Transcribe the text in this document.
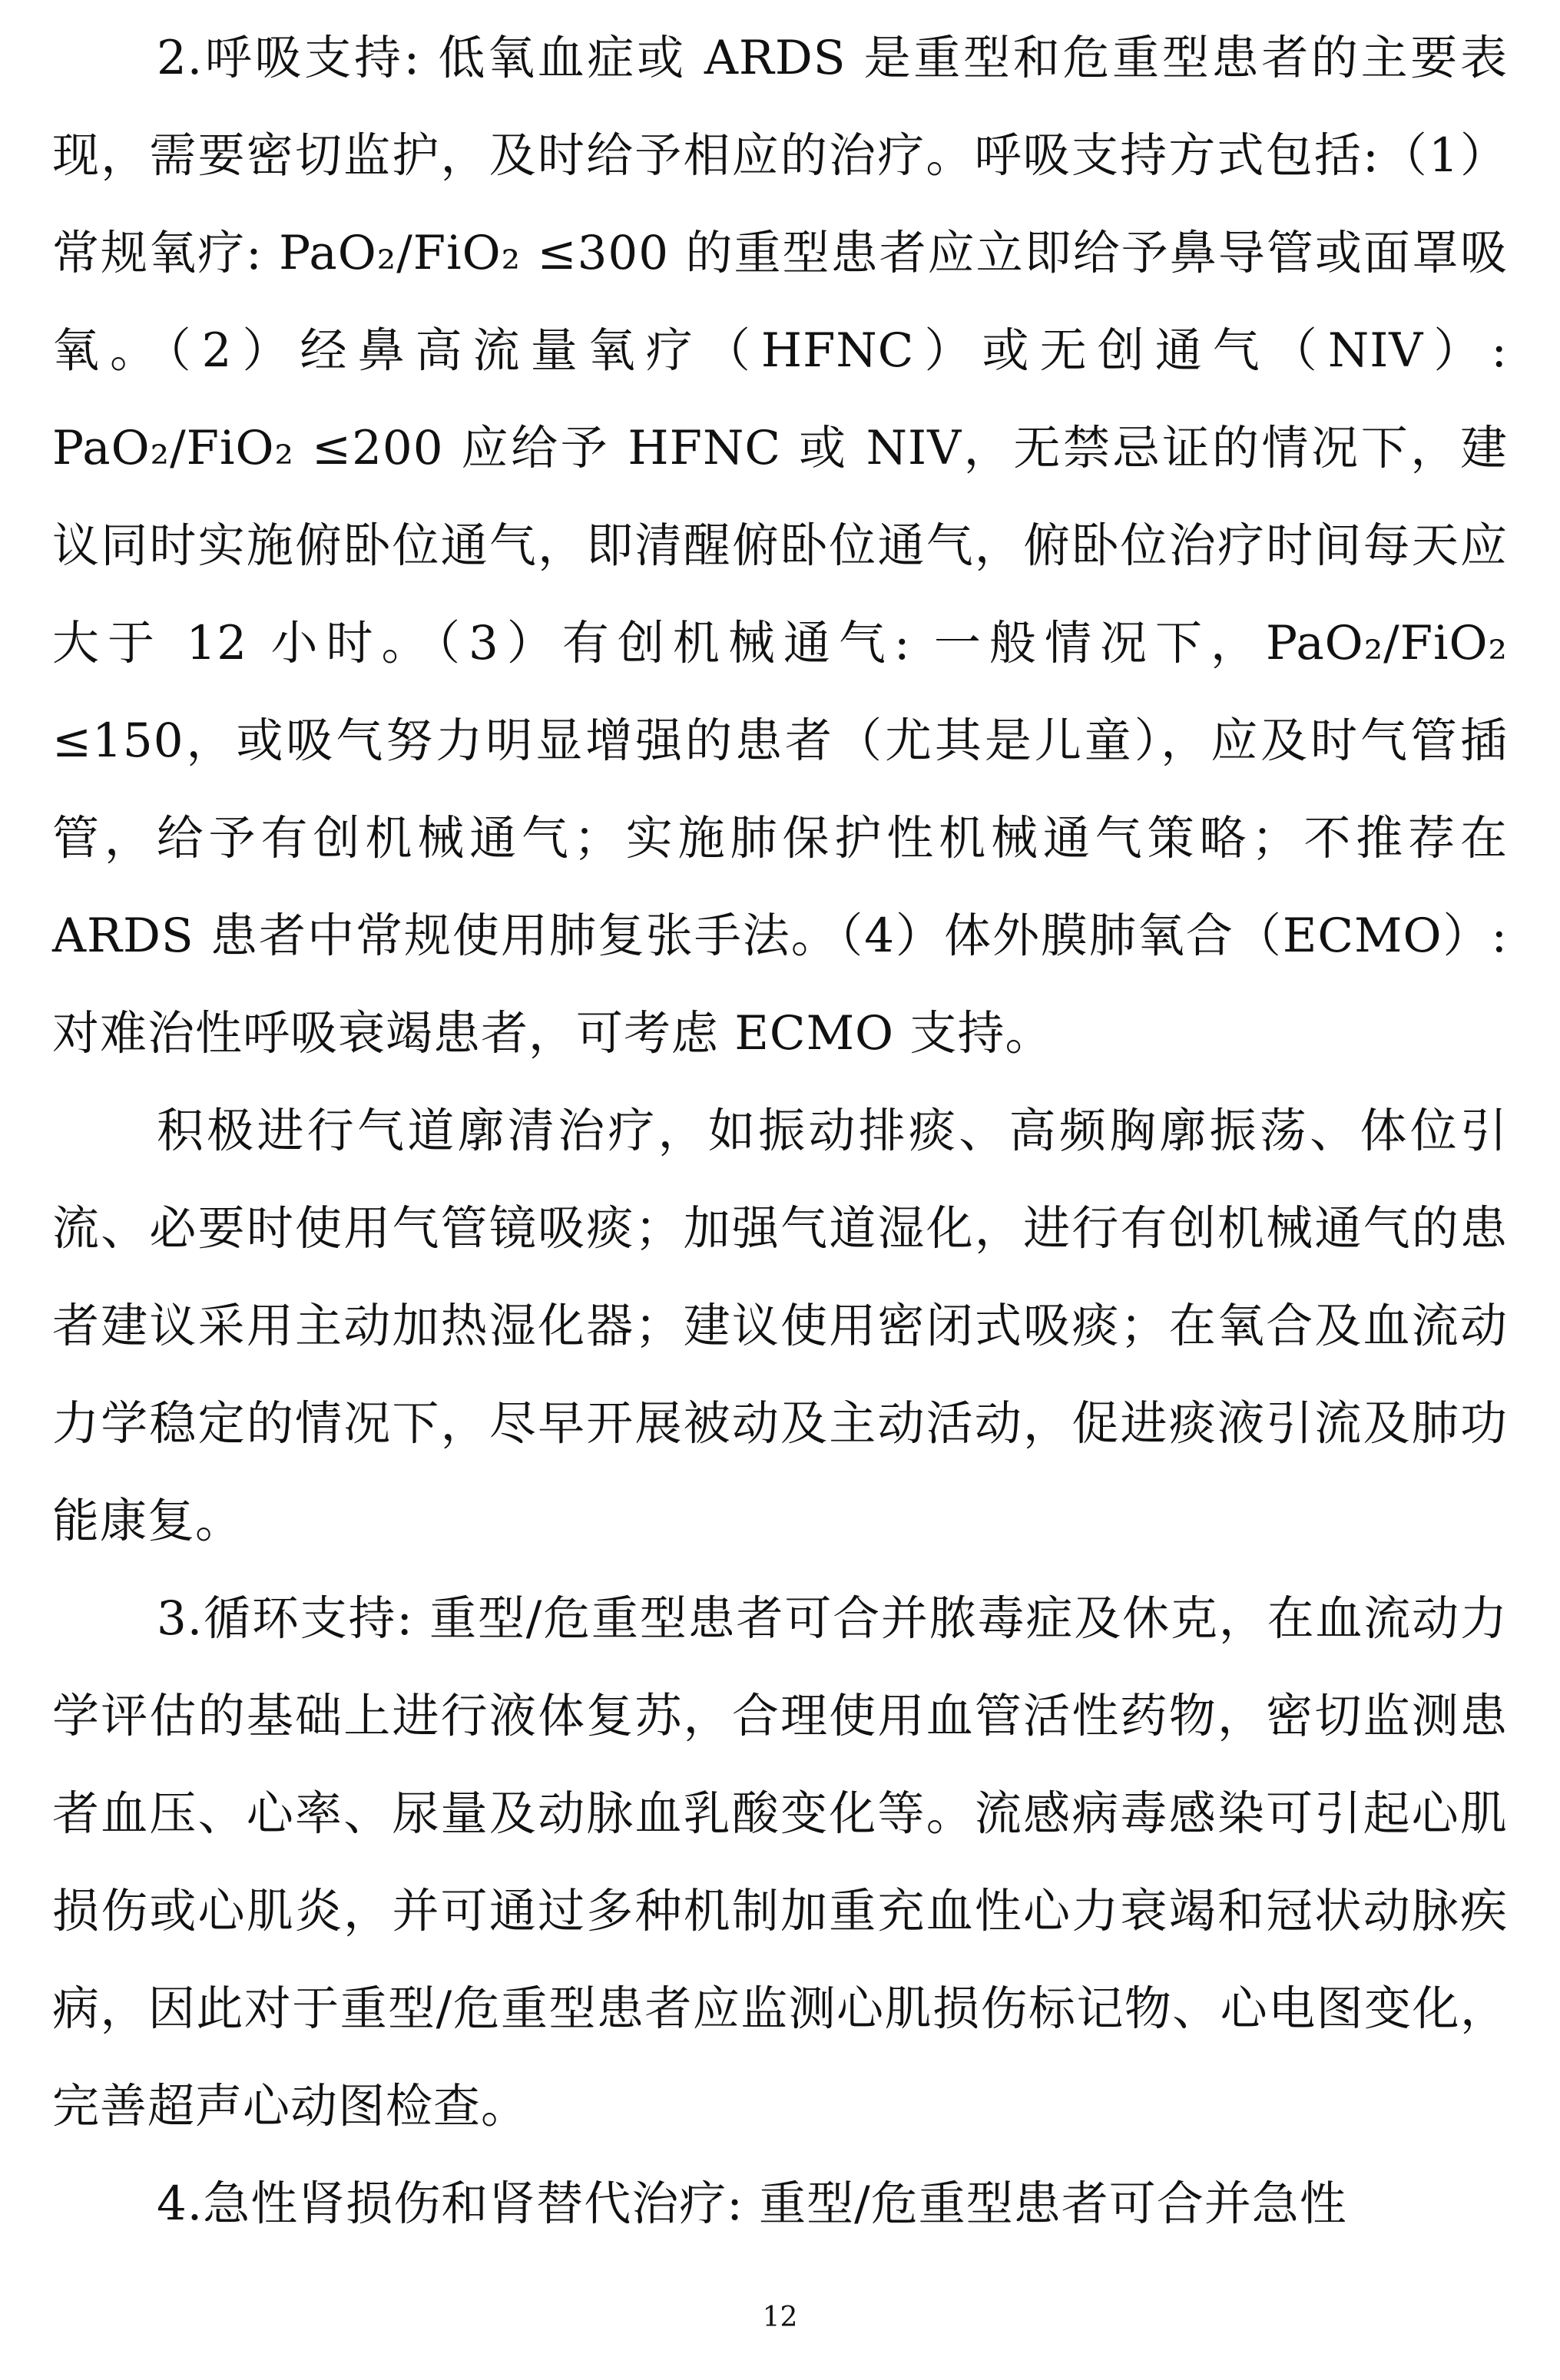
2.呼吸支持: 低氧血症或 ARDS 是重型和危重型患者的主要表现，需要密切监护，及时给予相应的治疗。呼吸支持方式包括:（1）常规氧疗: PaO₂/FiO₂ ≤300 的重型患者应立即给予鼻导管或面罩吸氧。（2）经鼻高流量氧疗（HFNC）或无创通气（NIV）: PaO₂/FiO₂ ≤200 应给予 HFNC 或 NIV，无禁忌证的情况下，建议同时实施俯卧位通气，即清醒俯卧位通气，俯卧位治疗时间每天应大于 12 小时。（3）有创机械通气: 一般情况下，PaO₂/FiO₂ ≤150，或吸气努力明显增强的患者（尤其是儿童），应及时气管插管，给予有创机械通气；实施肺保护性机械通气策略；不推荐在 ARDS 患者中常规使用肺复张手法。（4）体外膜肺氧合（ECMO）: 对难治性呼吸衰竭患者，可考虑 ECMO 支持。

积极进行气道廓清治疗，如振动排痰、高频胸廓振荡、体位引流、必要时使用气管镜吸痰；加强气道湿化，进行有创机械通气的患者建议采用主动加热湿化器；建议使用密闭式吸痰；在氧合及血流动力学稳定的情况下，尽早开展被动及主动活动，促进痰液引流及肺功能康复。

3.循环支持: 重型/危重型患者可合并脓毒症及休克，在血流动力学评估的基础上进行液体复苏，合理使用血管活性药物，密切监测患者血压、心率、尿量及动脉血乳酸变化等。流感病毒感染可引起心肌损伤或心肌炎，并可通过多种机制加重充血性心力衰竭和冠状动脉疾病，因此对于重型/危重型患者应监测心肌损伤标记物、心电图变化，完善超声心动图检查。

4.急性肾损伤和肾替代治疗: 重型/危重型患者可合并急性

12
